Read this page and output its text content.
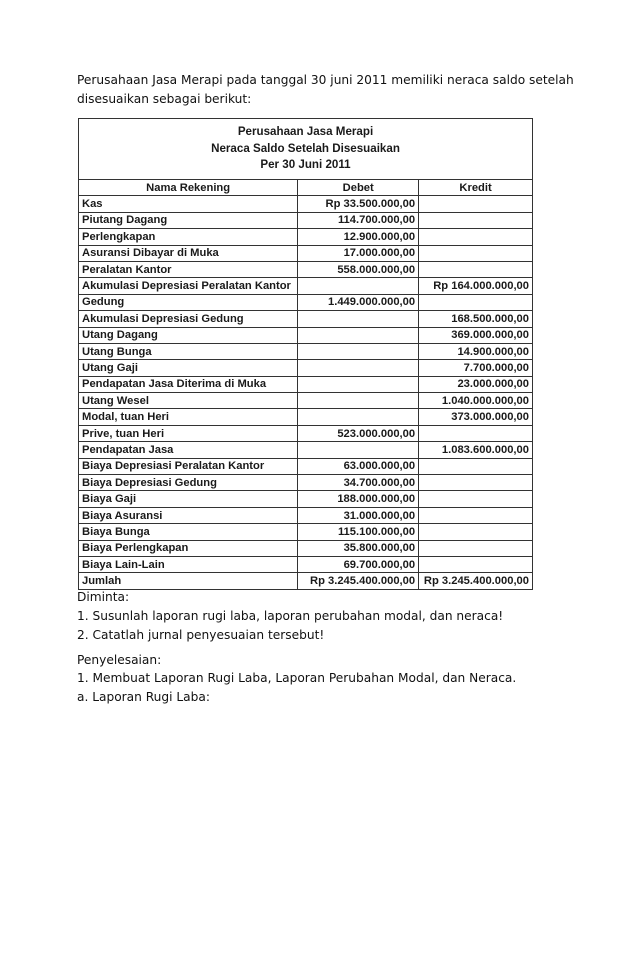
Perusahaan Jasa Merapi pada tanggal 30 juni 2011 memiliki neraca saldo setelah

disesuaikan sebagai berikut:

Perusahaan Jasa Merapi
Neraca Saldo Setelah Disesuaikan
Per 30 Juni 2011		

Nama Rekening	Debet	Kredit
Kas	Rp 33.500.000,00	
Piutang Dagang	114.700.000,00	
Perlengkapan	12.900.000,00	
Asuransi Dibayar di Muka	17.000.000,00	
Peralatan Kantor	558.000.000,00	
Akumulasi Depresiasi Peralatan Kantor		Rp 164.000.000,00
Gedung	1.449.000.000,00	
Akumulasi Depresiasi Gedung		168.500.000,00
Utang Dagang		369.000.000,00
Utang Bunga		14.900.000,00
Utang Gaji		7.700.000,00
Pendapatan Jasa Diterima di Muka		23.000.000,00
Utang Wesel		1.040.000.000,00
Modal, tuan Heri		373.000.000,00
Prive, tuan Heri	523.000.000,00	
Pendapatan Jasa		1.083.600.000,00
Biaya Depresiasi Peralatan Kantor	63.000.000,00	
Biaya Depresiasi Gedung	34.700.000,00	
Biaya Gaji	188.000.000,00	
Biaya Asuransi	31.000.000,00	
Biaya Bunga	115.100.000,00	
Biaya Perlengkapan	35.800.000,00	
Biaya Lain-Lain	69.700.000,00	
Jumlah	Rp 3.245.400.000,00	Rp 3.245.400.000,00

Diminta:

1. Susunlah laporan rugi laba, laporan perubahan modal, dan neraca!

2. Catatlah jurnal penyesuaian tersebut!

Penyelesaian:

1. Membuat Laporan Rugi Laba, Laporan Perubahan Modal, dan Neraca.

a. Laporan Rugi Laba:
